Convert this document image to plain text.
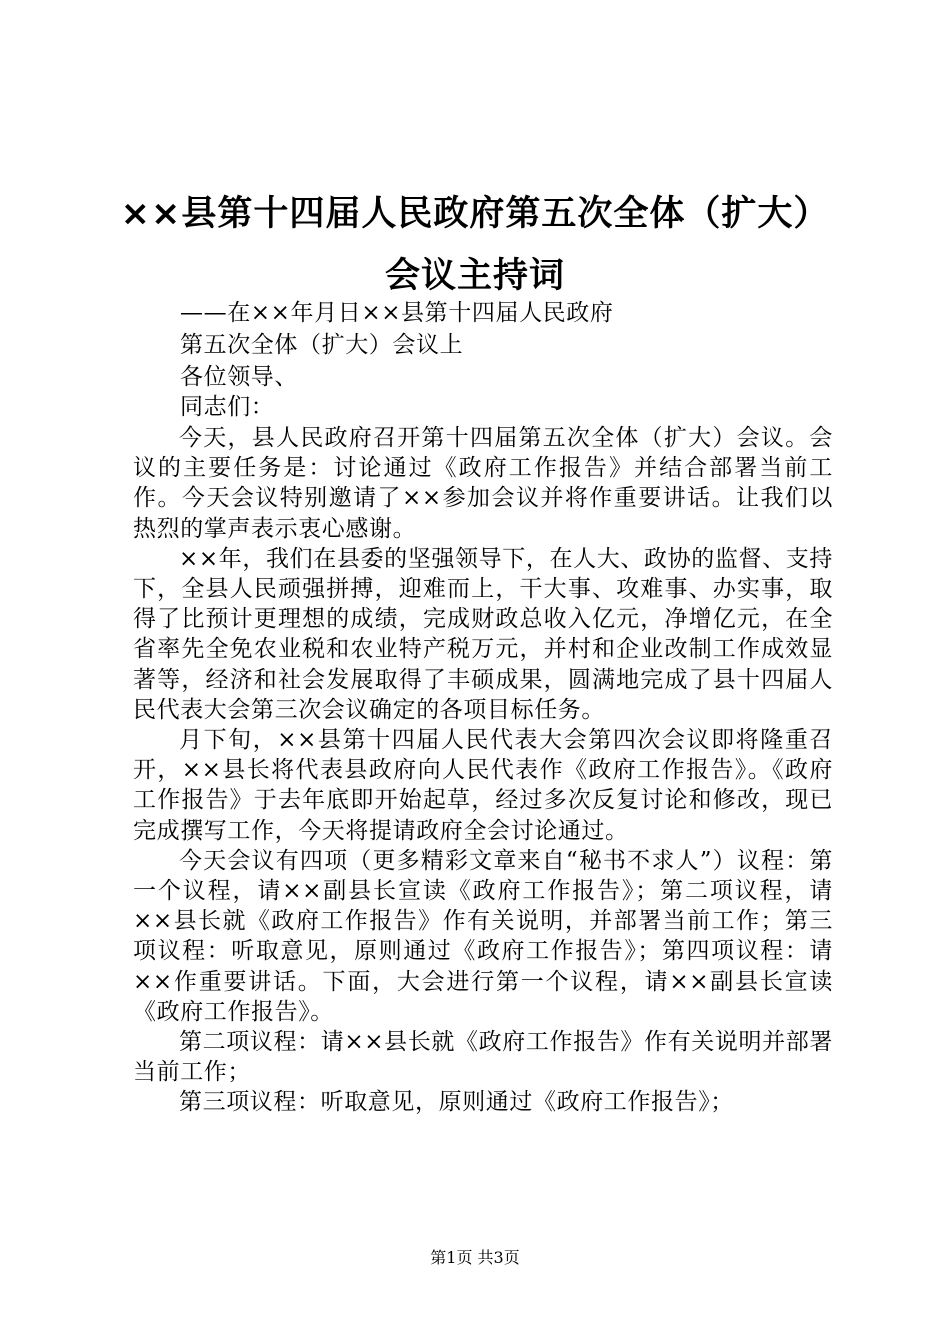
××县第十四届人民政府第五次全体（扩大）
会议主持词
——在××年月日××县第十四届人民政府
第五次全体（扩大）会议上
各位领导、
同志们：

今天，县人民政府召开第十四届第五次全体（扩大）会议。会议的主要任务是：讨论通过《政府工作报告》并结合部署当前工作。今天会议特别邀请了××参加会议并将作重要讲话。让我们以热烈的掌声表示衷心感谢。

××年，我们在县委的坚强领导下，在人大、政协的监督、支持下，全县人民顽强拼搏，迎难而上，干大事、攻难事、办实事，取得了比预计更理想的成绩，完成财政总收入亿元，净增亿元，在全省率先全免农业税和农业特产税万元，并村和企业改制工作成效显著等，经济和社会发展取得了丰硕成果，圆满地完成了县十四届人民代表大会第三次会议确定的各项目标任务。

月下旬，××县第十四届人民代表大会第四次会议即将隆重召开，××县长将代表县政府向人民代表作《政府工作报告》。《政府工作报告》于去年底即开始起草，经过多次反复讨论和修改，现已完成撰写工作，今天将提请政府全会讨论通过。

今天会议有四项（更多精彩文章来自“秘书不求人”）议程：第一个议程，请××副县长宣读《政府工作报告》；第二项议程，请××县长就《政府工作报告》作有关说明，并部署当前工作；第三项议程：听取意见，原则通过《政府工作报告》；第四项议程：请××作重要讲话。下面，大会进行第一个议程，请××副县长宣读《政府工作报告》。

第二项议程：请××县长就《政府工作报告》作有关说明并部署当前工作；

第三项议程：听取意见，原则通过《政府工作报告》；

第1页 共3页
